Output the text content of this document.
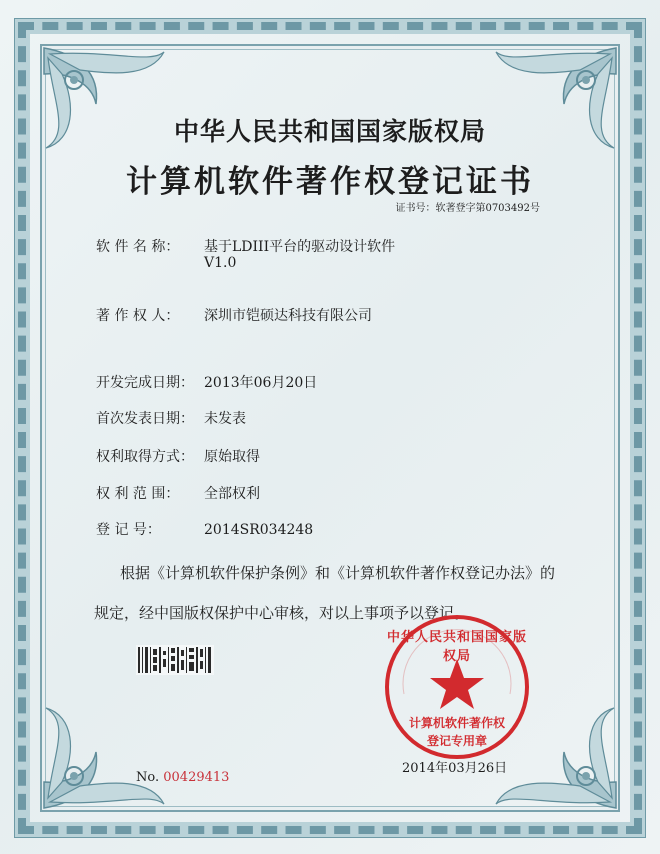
中华人民共和国国家版权局
计算机软件著作权登记证书
证书号：软著登字第0703492号
软 件 名 称： 基于LDIII平台的驱动设计软件
V1.0
著 作 权 人： 深圳市铠硕达科技有限公司
开发完成日期： 2013年06月20日
首次发表日期： 未发表
权利取得方式： 原始取得
权 利 范 围： 全部权利
登 记 号：	2014SR034248
根据《计算机软件保护条例》和《计算机软件著作权登记办法》的
规定，经中国版权保护中心审核，对以上事项予以登记。
No. 00429413
中华人民共和国国家版权局
计算机软件著作权
登记专用章
2014年03月26日
